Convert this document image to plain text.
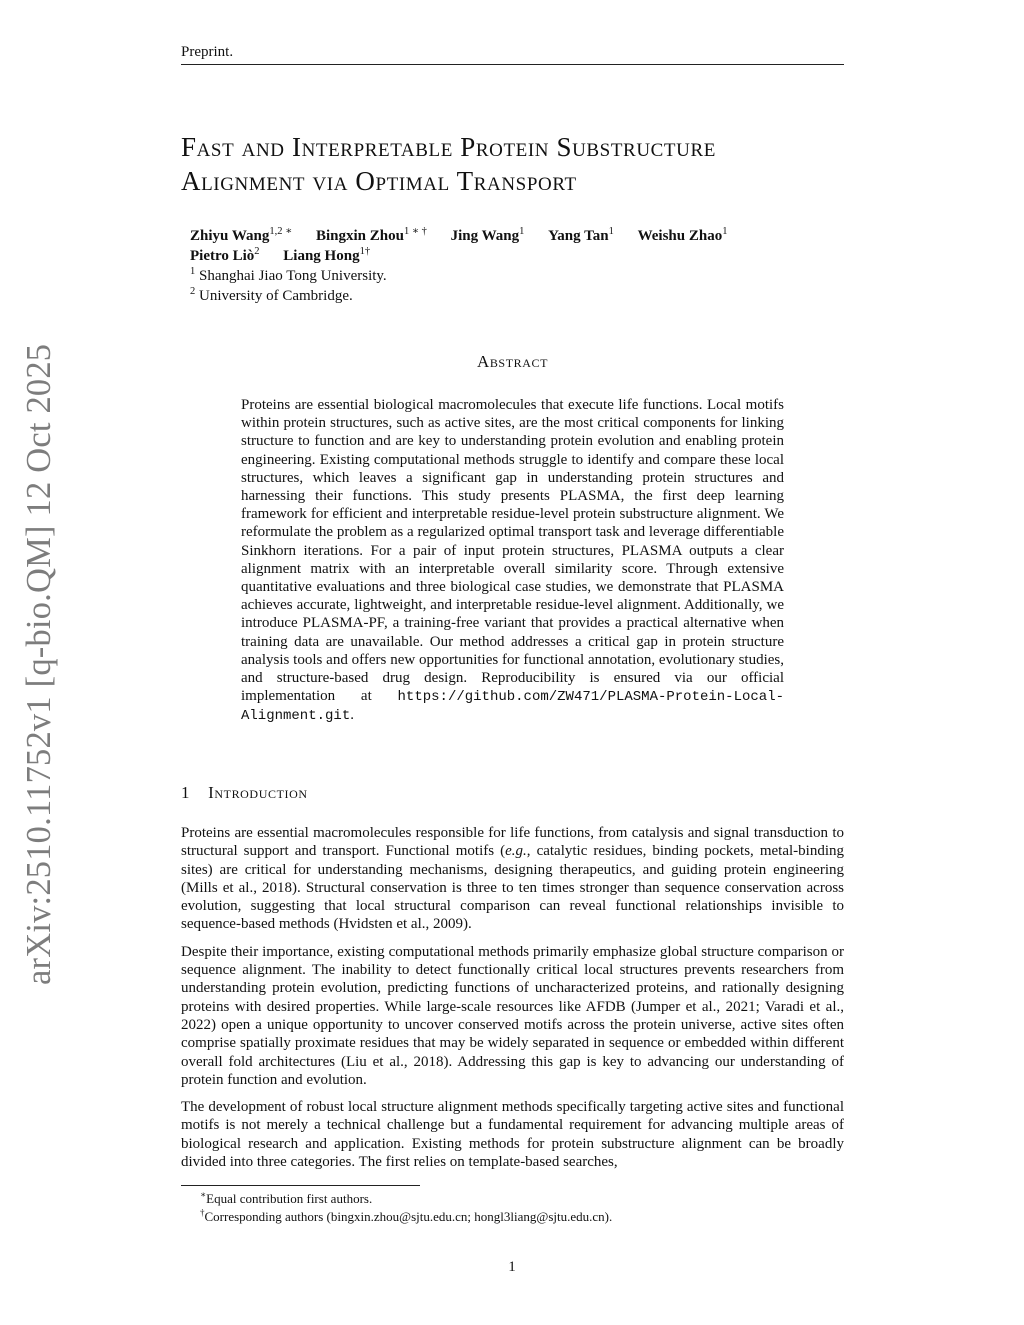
Preprint.
arXiv:2510.11752v1 [q-bio.QM] 12 Oct 2025
Fast and Interpretable Protein Substructure
Alignment via Optimal Transport
Zhiyu Wang$^{1,2 ∗}$ Bingxin Zhou$^{1 ∗ \dagger}$ Jing Wang$^1$ Yang Tan$^1$ Weishu Zhao$^1$
Pietro Liò$^2$ Liang Hong$^{1\dagger}$
$^1$ Shanghai Jiao Tong University.
$^2$ University of Cambridge.
Abstract
Proteins are essential biological macromolecules that execute life functions. Local motifs within protein structures, such as active sites, are the most critical components for linking structure to function and are key to understanding protein evolution and enabling protein engineering. Existing computational methods struggle to identify and compare these local structures, which leaves a significant gap in understanding protein structures and harnessing their functions. This study presents PLASMA, the first deep learning framework for efficient and interpretable residue-level protein substructure alignment. We reformulate the problem as a regularized optimal transport task and leverage differentiable Sinkhorn iterations. For a pair of input protein structures, PLASMA outputs a clear alignment matrix with an interpretable overall similarity score. Through extensive quantitative evaluations and three biological case studies, we demonstrate that PLASMA achieves accurate, lightweight, and interpretable residue-level alignment. Additionally, we introduce PLASMA-PF, a training-free variant that provides a practical alternative when training data are unavailable. Our method addresses a critical gap in protein structure analysis tools and offers new opportunities for functional annotation, evolutionary studies, and structure-based drug design. Reproducibility is ensured via our official implementation at https://github.com/ZW471/PLASMA-Protein-Local-Alignment.git.
1 Introduction

Proteins are essential macromolecules responsible for life functions, from catalysis and signal transduction to structural support and transport. Functional motifs (e.g., catalytic residues, binding pockets, metal-binding sites) are critical for understanding mechanisms, designing therapeutics, and guiding protein engineering (Mills et al., 2018). Structural conservation is three to ten times stronger than sequence conservation across evolution, suggesting that local structural comparison can reveal functional relationships invisible to sequence-based methods (Hvidsten et al., 2009).

Despite their importance, existing computational methods primarily emphasize global structure comparison or sequence alignment. The inability to detect functionally critical local structures prevents researchers from understanding protein evolution, predicting functions of uncharacterized proteins, and rationally designing proteins with desired properties. While large-scale resources like AFDB (Jumper et al., 2021; Varadi et al., 2022) open a unique opportunity to uncover conserved motifs across the protein universe, active sites often comprise spatially proximate residues that may be widely separated in sequence or embedded within different overall fold architectures (Liu et al., 2018). Addressing this gap is key to advancing our understanding of protein function and evolution.

The development of robust local structure alignment methods specifically targeting active sites and functional motifs is not merely a technical challenge but a fundamental requirement for advancing multiple areas of biological research and application. Existing methods for protein substructure alignment can be broadly divided into three categories. The first relies on template-based searches,

∗Equal contribution first authors.
†Corresponding authors (bingxin.zhou@sjtu.edu.cn; hongl3liang@sjtu.edu.cn).
1
